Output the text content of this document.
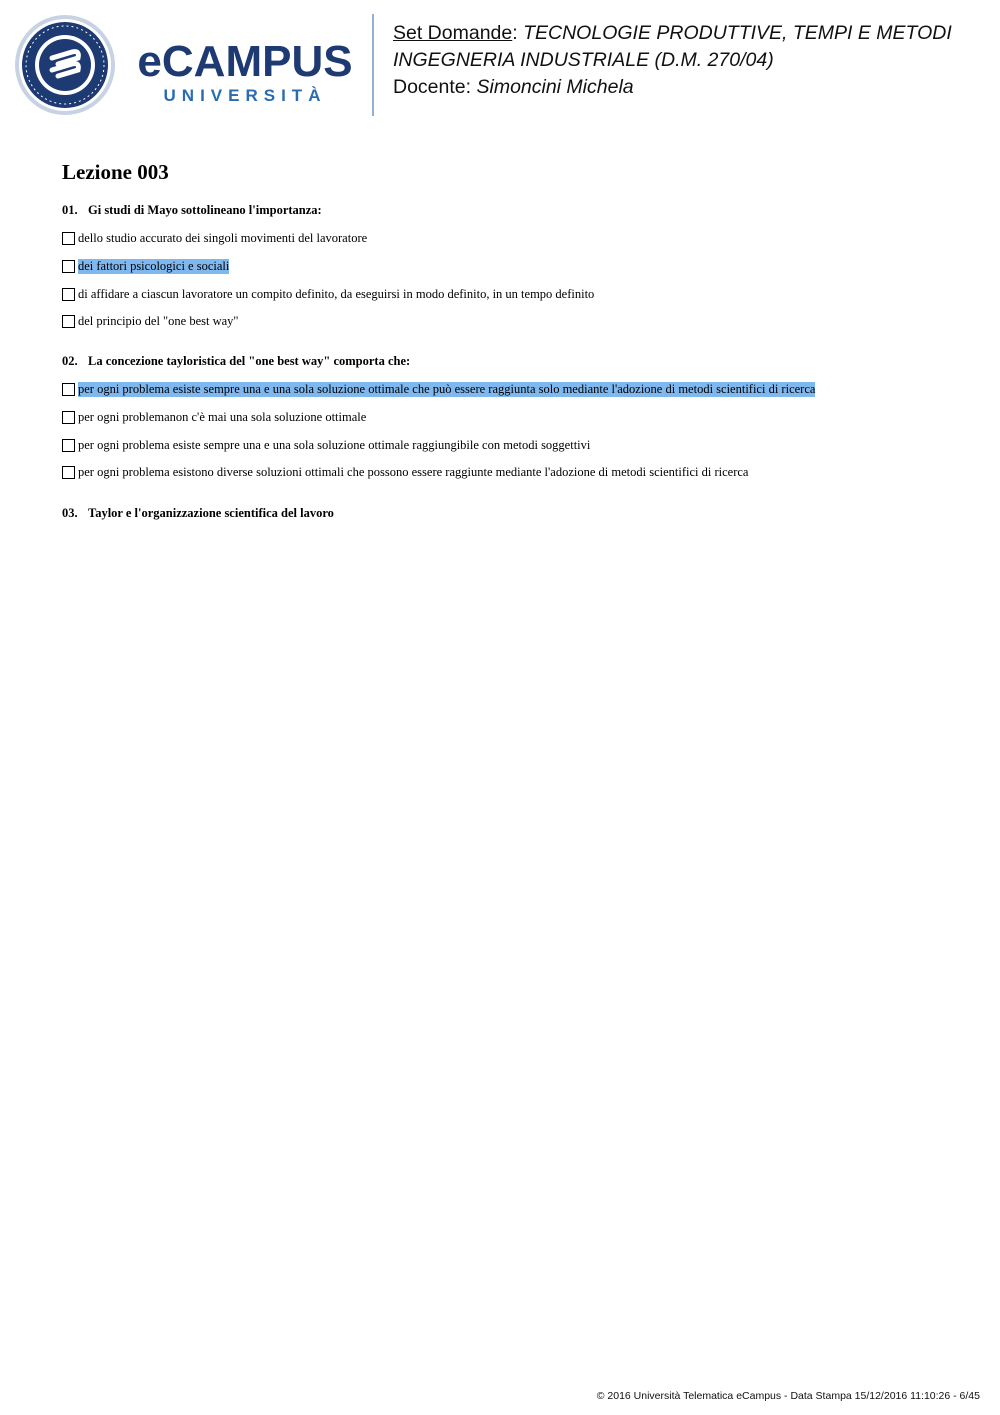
eCAMPUS
UNIVERSITÀ
Set Domande: TECNOLOGIE PRODUTTIVE, TEMPI E METODI
INGEGNERIA INDUSTRIALE (D.M. 270/04)
Docente: Simoncini Michela
Lezione 003
01. Gi studi di Mayo sottolineano l'importanza:
dello studio accurato dei singoli movimenti del lavoratore
dei fattori psicologici e sociali
di affidare a ciascun lavoratore un compito definito, da eseguirsi in modo definito, in un tempo definito
del principio del "one best way"
02. La concezione tayloristica del "one best way" comporta che:
per ogni problema esiste sempre una e una sola soluzione ottimale che può essere raggiunta solo mediante l'adozione di metodi scientifici di ricerca
per ogni problemanon c'è mai una sola soluzione ottimale
per ogni problema esiste sempre una e una sola soluzione ottimale raggiungibile con metodi soggettivi
per ogni problema esistono diverse soluzioni ottimali che possono essere raggiunte mediante l'adozione di metodi scientifici di ricerca
03. Taylor e l'organizzazione scientifica del lavoro
© 2016 Università Telematica eCampus - Data Stampa 15/12/2016 11:10:26 - 6/45
